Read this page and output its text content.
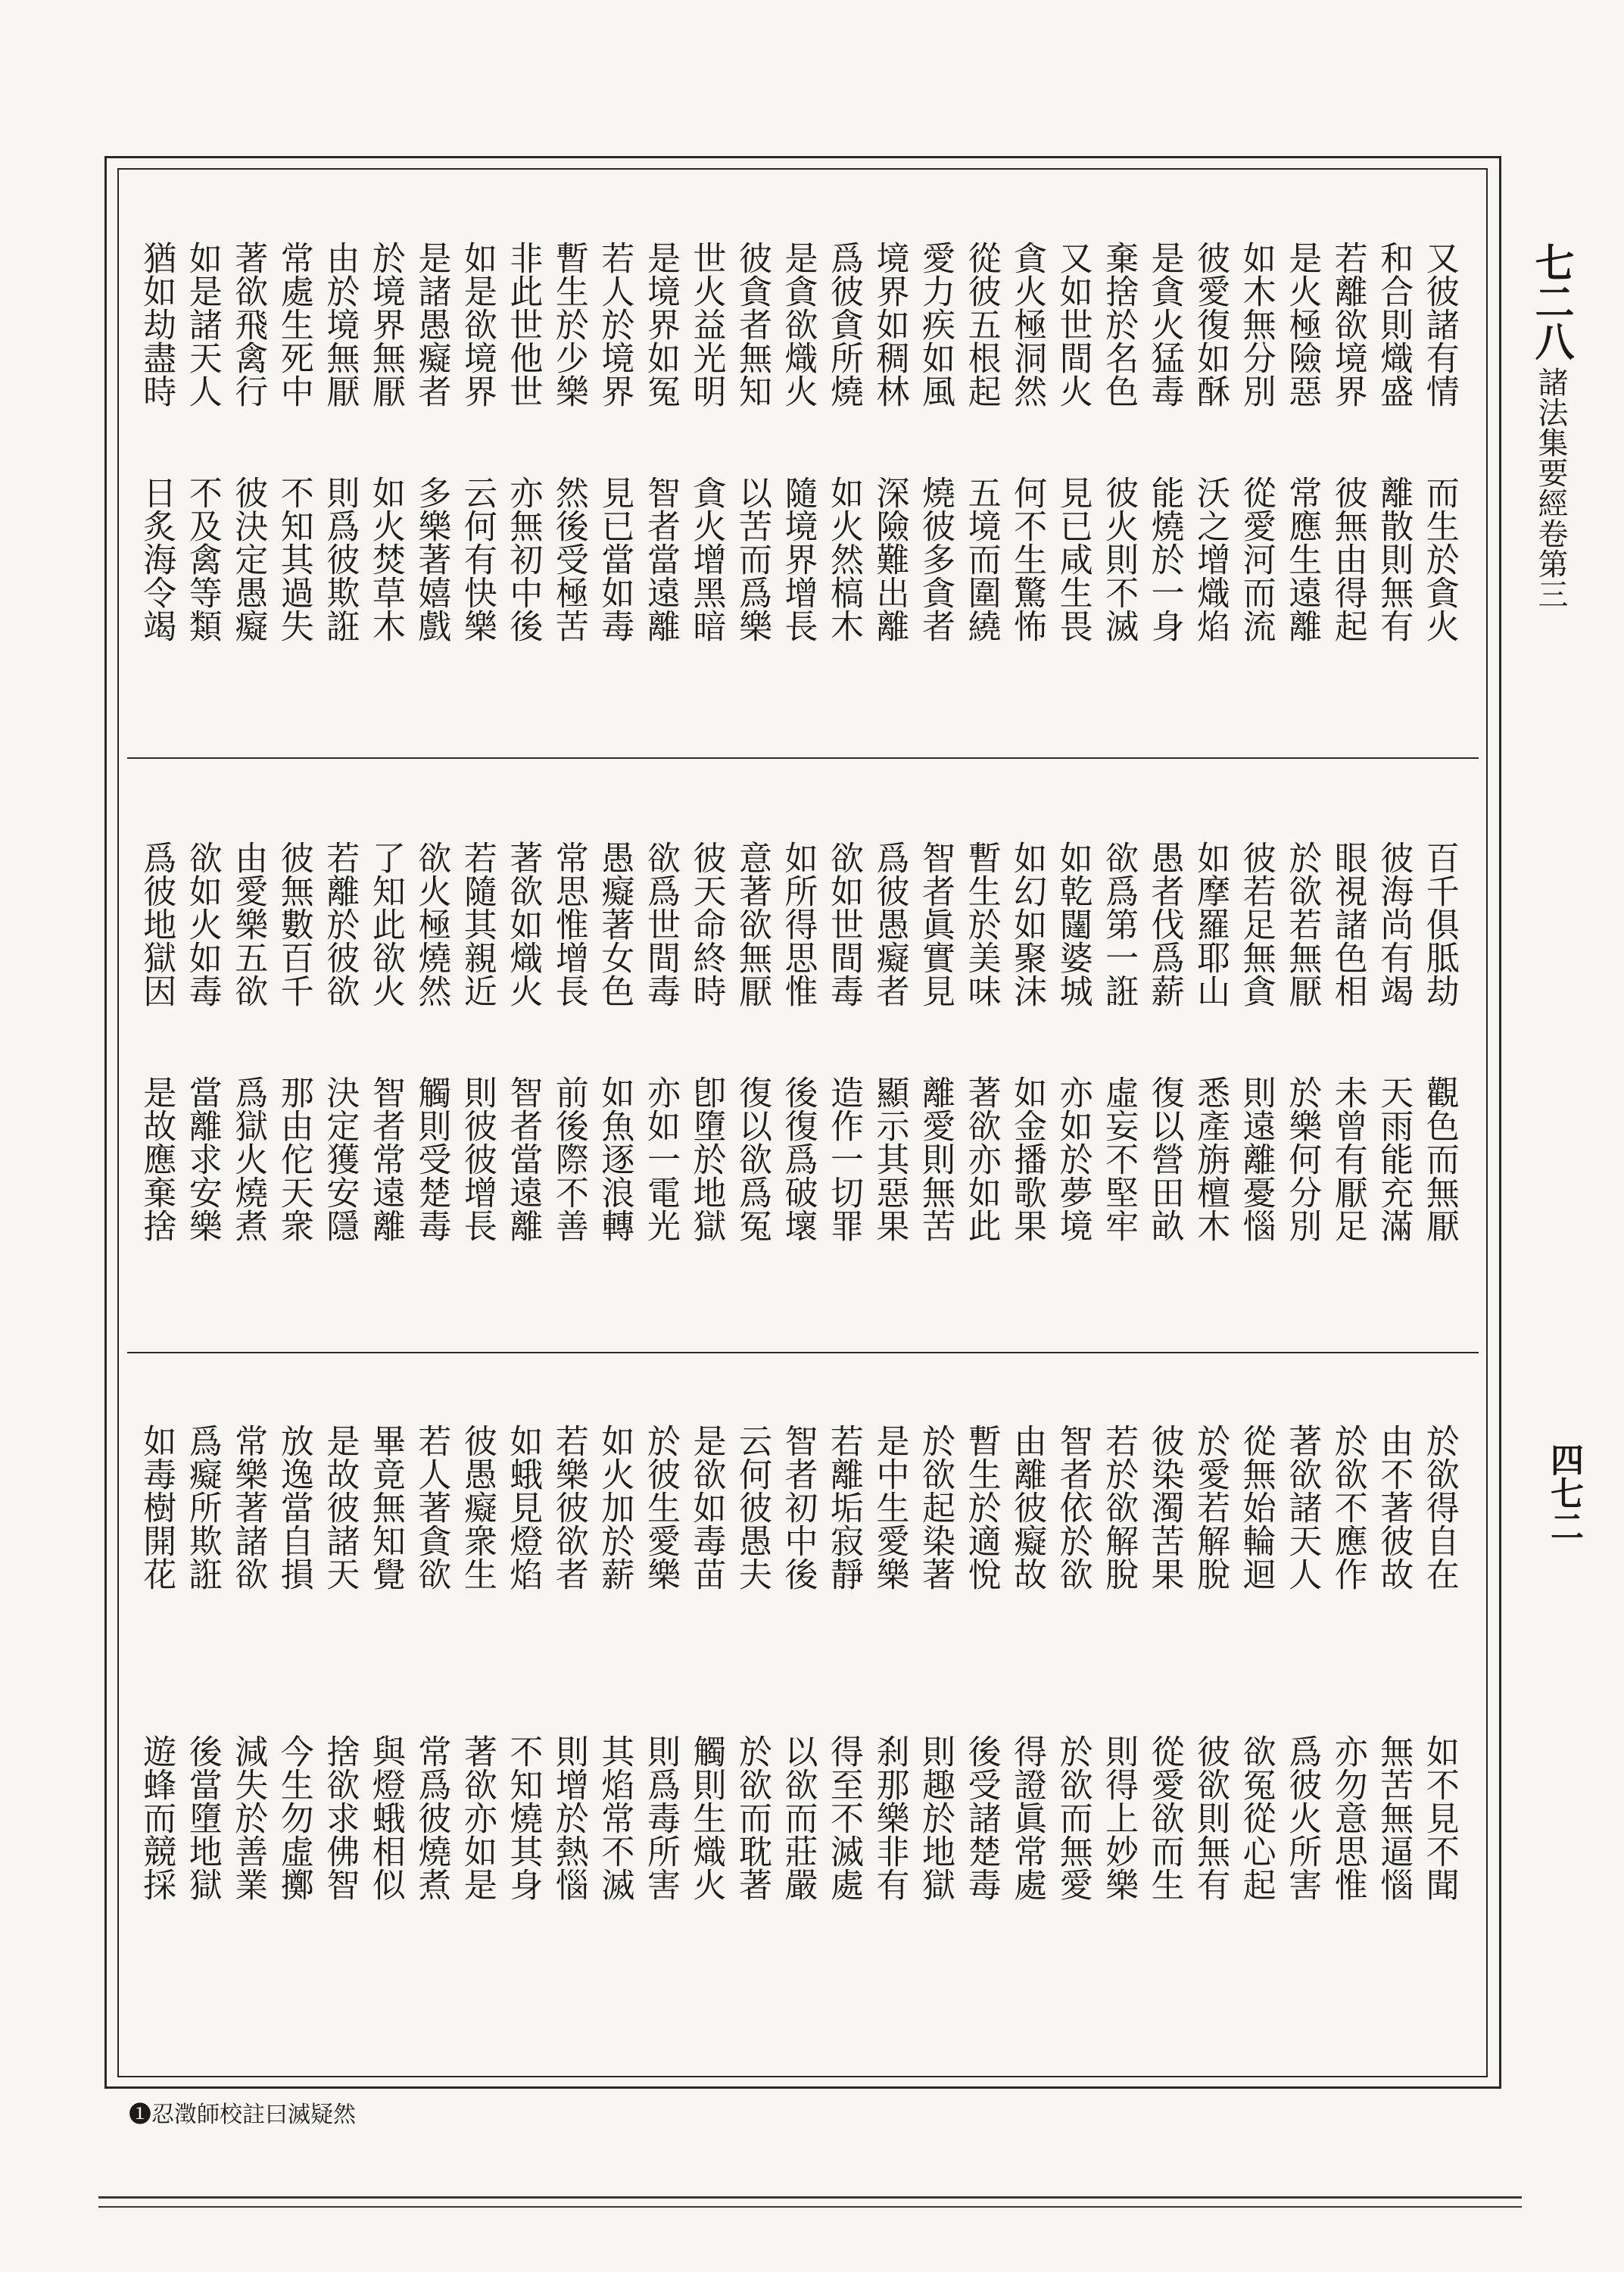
七二八
諸法集要經卷第三
四七二
又彼諸有情
而生於貪火
和合則熾盛
離散則無有
若離欲境界
彼無由得起
是火極險惡
常應生遠離
如木無分別
從愛河而流
彼愛復如酥
沃之增熾焰
是貪火猛毒
能燒於一身
棄捨於名色
彼火則不滅
又如世間火
見已咸生畏
貪火極洞然
何不生驚怖
從彼五根起
五境而圍繞
愛力疾如風
燒彼多貪者
境界如稠林
深險難出離
爲彼貪所燒
如火然槁木
是貪欲熾火
隨境界增長
彼貪者無知
以苦而爲樂
世火益光明
貪火增黑暗
是境界如冤
智者當遠離
若人於境界
見已當如毒
暫生於少樂
然後受極苦
非此世他世
亦無初中後
如是欲境界
云何有快樂
是諸愚癡者
多樂著嬉戲
於境界無厭
如火焚草木
由於境無厭
則爲彼欺誑
常處生死中
不知其過失
著欲飛禽行
彼決定愚癡
如是諸天人
不及禽等類
猶如劫盡時
日炙海令竭
百千俱胝劫
觀色而無厭
彼海尚有竭
天雨能充滿
眼視諸色相
未曾有厭足
於欲若無厭
於樂何分別
彼若足無貪
則遠離憂惱
如摩羅耶山
悉產旃檀木
愚者伐爲薪
復以營田畝
欲爲第一誑
虛妄不堅牢
如乾闥婆城
亦如於夢境
如幻如聚沫
如金播歌果
暫生於美味
著欲亦如此
智者眞實見
離愛則無苦
爲彼愚癡者
顯示其惡果
欲如世間毒
造作一切罪
如所得思惟
後復爲破壞
意著欲無厭
復以欲爲冤
彼天命終時
卽墮於地獄
欲爲世間毒
亦如一電光
愚癡著女色
如魚逐浪轉
常思惟增長
前後際不善
著欲如熾火
智者當遠離
若隨其親近
則彼彼增長
欲火極燒然
觸則受楚毒
了知此欲火
智者常遠離
若離於彼欲
決定獲安隱
彼無數百千
那由佗天衆
由愛樂五欲
爲獄火燒煮
欲如火如毒
當離求安樂
爲彼地獄因
是故應棄捨
於欲得自在
如不見不聞
由不著彼故
無苦無逼惱
於欲不應作
亦勿意思惟
著欲諸天人
爲彼火所害
從無始輪迴
欲冤從心起
於愛若解脫
彼欲則無有
彼染濁苦果
從愛欲而生
若於欲解脫
則得上妙樂
智者依於欲
於欲而無愛
由離彼癡故
得證眞常處
暫生於適悅
後受諸楚毒
於欲起染著
則趣於地獄
是中生愛樂
刹那樂非有
若離垢寂靜
得至不滅處
智者初中後
以欲而莊嚴
云何彼愚夫
於欲而耽著
是欲如毒苗
觸則生熾火
於彼生愛樂
則爲毒所害
如火加於薪
其焰常不滅
若樂彼欲者
則增於熱惱
如蛾見燈焰
不知燒其身
彼愚癡衆生
著欲亦如是
若人著貪欲
常爲彼燒煮
畢竟無知覺
與燈蛾相似
是故彼諸天
捨欲求佛智
放逸當自損
今生勿虛擲
常樂著諸欲
減失於善業
爲癡所欺誑
後當墮地獄
如毒樹開花
遊蜂而競採
❶忍澂師校註曰滅疑然
